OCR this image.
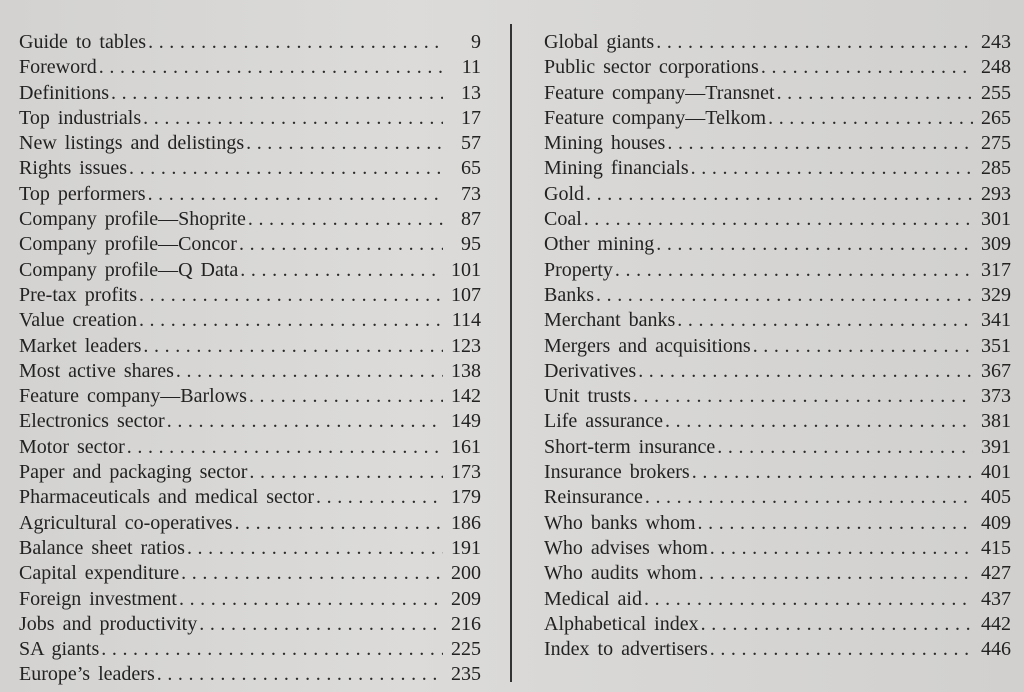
Guide to tables . . .	9
Foreword . . .	11
Definitions . . .	13
Top industrials . . .	17
New listings and delistings . . .	57
Rights issues . . .	65
Top performers . . .	73
Company profile—Shoprite . . .	87
Company profile—Concor . . .	95
Company profile—Q Data . . .	101
Pre-tax profits . . .	107
Value creation . . .	114
Market leaders . . .	123
Most active shares . . .	138
Feature company—Barlows . . .	142
Electronics sector . . .	149
Motor sector . . .	161
Paper and packaging sector . . .	173
Pharmaceuticals and medical sector . . .	179
Agricultural co-operatives . . .	186
Balance sheet ratios . . .	191
Capital expenditure . . .	200
Foreign investment . . .	209
Jobs and productivity . . .	216
SA giants . . .	225
Europe’s leaders . . .	235
Global giants . . .	243
Public sector corporations . . .	248
Feature company—Transnet . . .	255
Feature company—Telkom . . .	265
Mining houses . . .	275
Mining financials . . .	285
Gold . . .	293
Coal . . .	301
Other mining . . .	309
Property . . .	317
Banks . . .	329
Merchant banks . . .	341
Mergers and acquisitions . . .	351
Derivatives . . .	367
Unit trusts . . .	373
Life assurance . . .	381
Short-term insurance . . .	391
Insurance brokers . . .	401
Reinsurance . . .	405
Who banks whom . . .	409
Who advises whom . . .	415
Who audits whom . . .	427
Medical aid . . .	437
Alphabetical index . . .	442
Index to advertisers . . .	446
